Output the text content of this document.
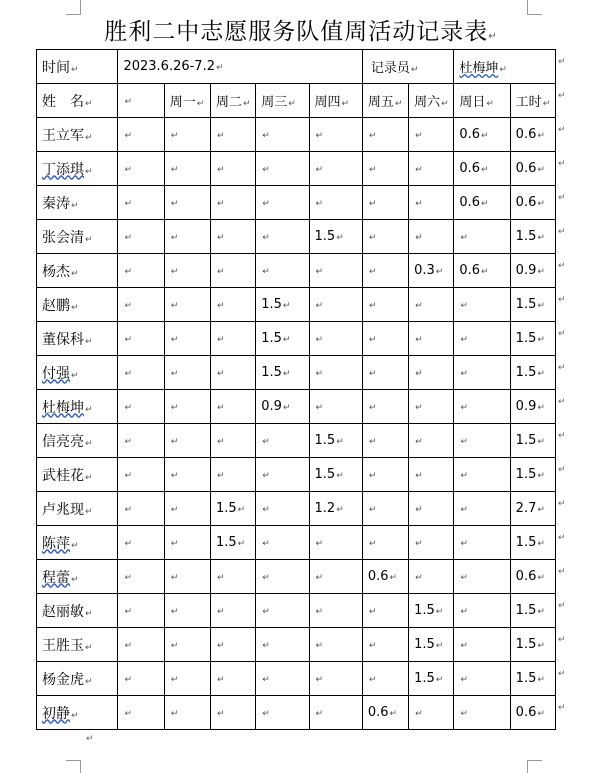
胜利二中志愿服务队值周活动记录表↵
时间↵	2023.6.26-7.2↵					记录员↵		杜梅坤↵	
姓　名↵	↵	周一↵	周二↵	周三↵	周四↵	周五↵	周六↵	周日↵	工时↵
王立军↵	↵	↵	↵	↵	↵	↵	↵	0.6↵	0.6↵
丁添琪↵	↵	↵	↵	↵	↵	↵	↵	0.6↵	0.6↵
秦涛↵	↵	↵	↵	↵	↵	↵	↵	0.6↵	0.6↵
张会清↵	↵	↵	↵	↵	1.5↵	↵	↵	↵	1.5↵
杨杰↵	↵	↵	↵	↵	↵	↵	0.3↵	0.6↵	0.9↵
赵鹏↵	↵	↵	↵	1.5↵	↵	↵	↵	↵	1.5↵
董保科↵	↵	↵	↵	1.5↵	↵	↵	↵	↵	1.5↵
付强↵	↵	↵	↵	1.5↵	↵	↵	↵	↵	1.5↵
杜梅坤↵	↵	↵	↵	0.9↵	↵	↵	↵	↵	0.9↵
信亮亮↵	↵	↵	↵	↵	1.5↵	↵	↵	↵	1.5↵
武桂花↵	↵	↵	↵	↵	1.5↵	↵	↵	↵	1.5↵
卢兆现↵	↵	↵	1.5↵	↵	1.2↵	↵	↵	↵	2.7↵
陈萍↵	↵	↵	1.5↵	↵	↵	↵	↵	↵	1.5↵
程蕾↵	↵	↵	↵	↵	↵	0.6↵	↵	↵	0.6↵
赵丽敏↵	↵	↵	↵	↵	↵	↵	1.5↵	↵	1.5↵
王胜玉↵	↵	↵	↵	↵	↵	↵	1.5↵	↵	1.5↵
杨金虎↵	↵	↵	↵	↵	↵	↵	1.5↵	↵	1.5↵
初静↵	↵	↵	↵	↵	↵	0.6↵	↵	↵	0.6↵
↵
↵
↵
↵
↵
↵
↵
↵
↵
↵
↵
↵
↵
↵
↵
↵
↵
↵
↵
↵
↵
